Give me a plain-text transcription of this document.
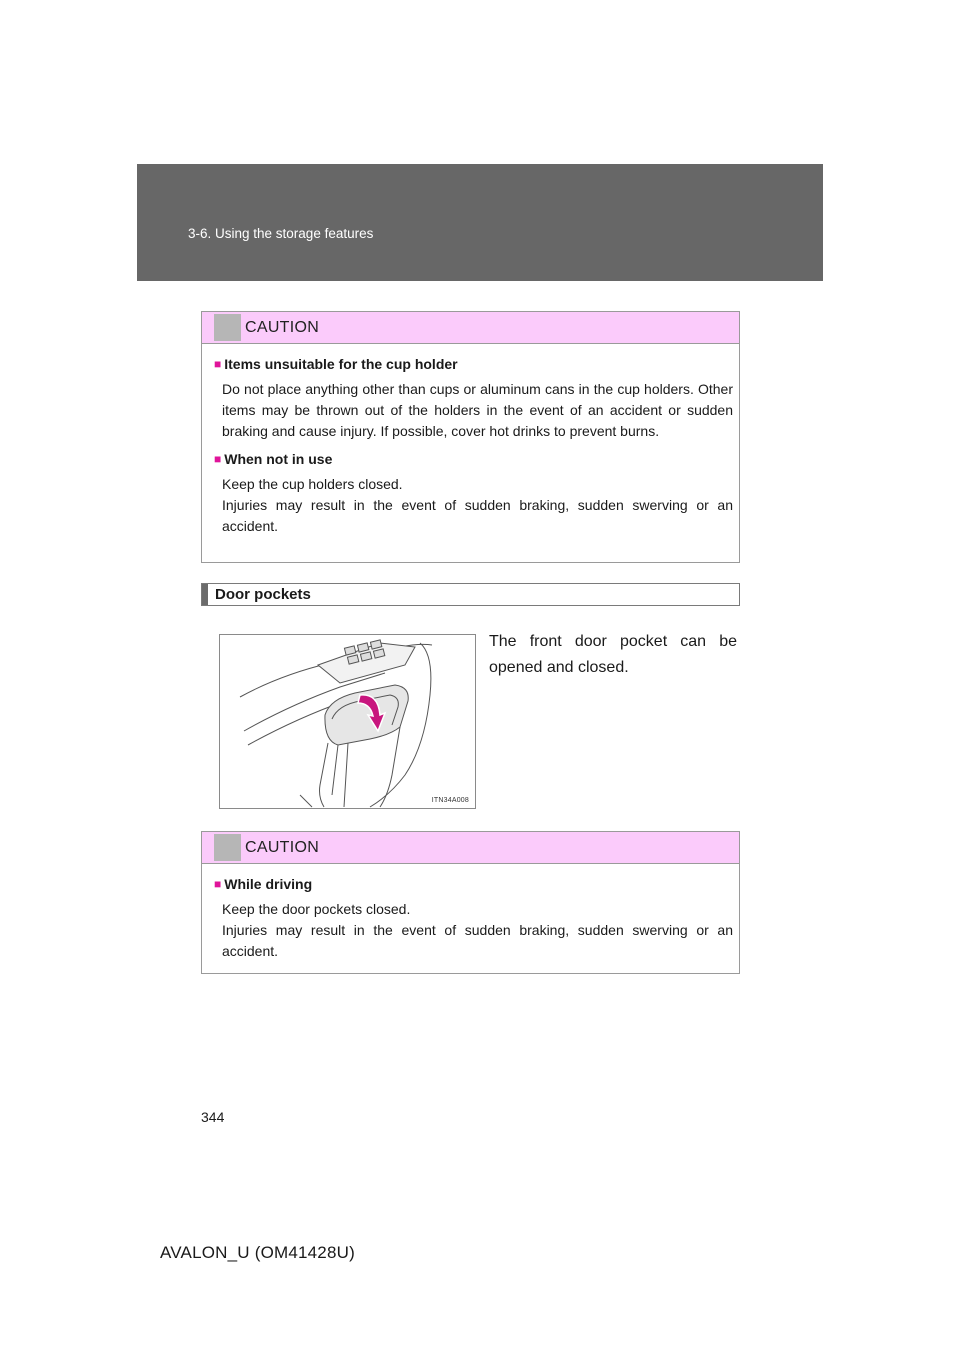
3-6. Using the storage features
CAUTION
■ Items unsuitable for the cup holder

Do not place anything other than cups or aluminum cans in the cup holders. Other items may be thrown out of the holders in the event of an accident or sudden braking and cause injury. If possible, cover hot drinks to prevent burns.

■ When not in use

Keep the cup holders closed.

Injuries may result in the event of sudden braking, sudden swerving or an accident.

Door pockets
ITN34A008
The front door pocket can be opened and closed.
CAUTION
■ While driving

Keep the door pockets closed.

Injuries may result in the event of sudden braking, sudden swerving or an accident.

344
AVALON_U (OM41428U)
